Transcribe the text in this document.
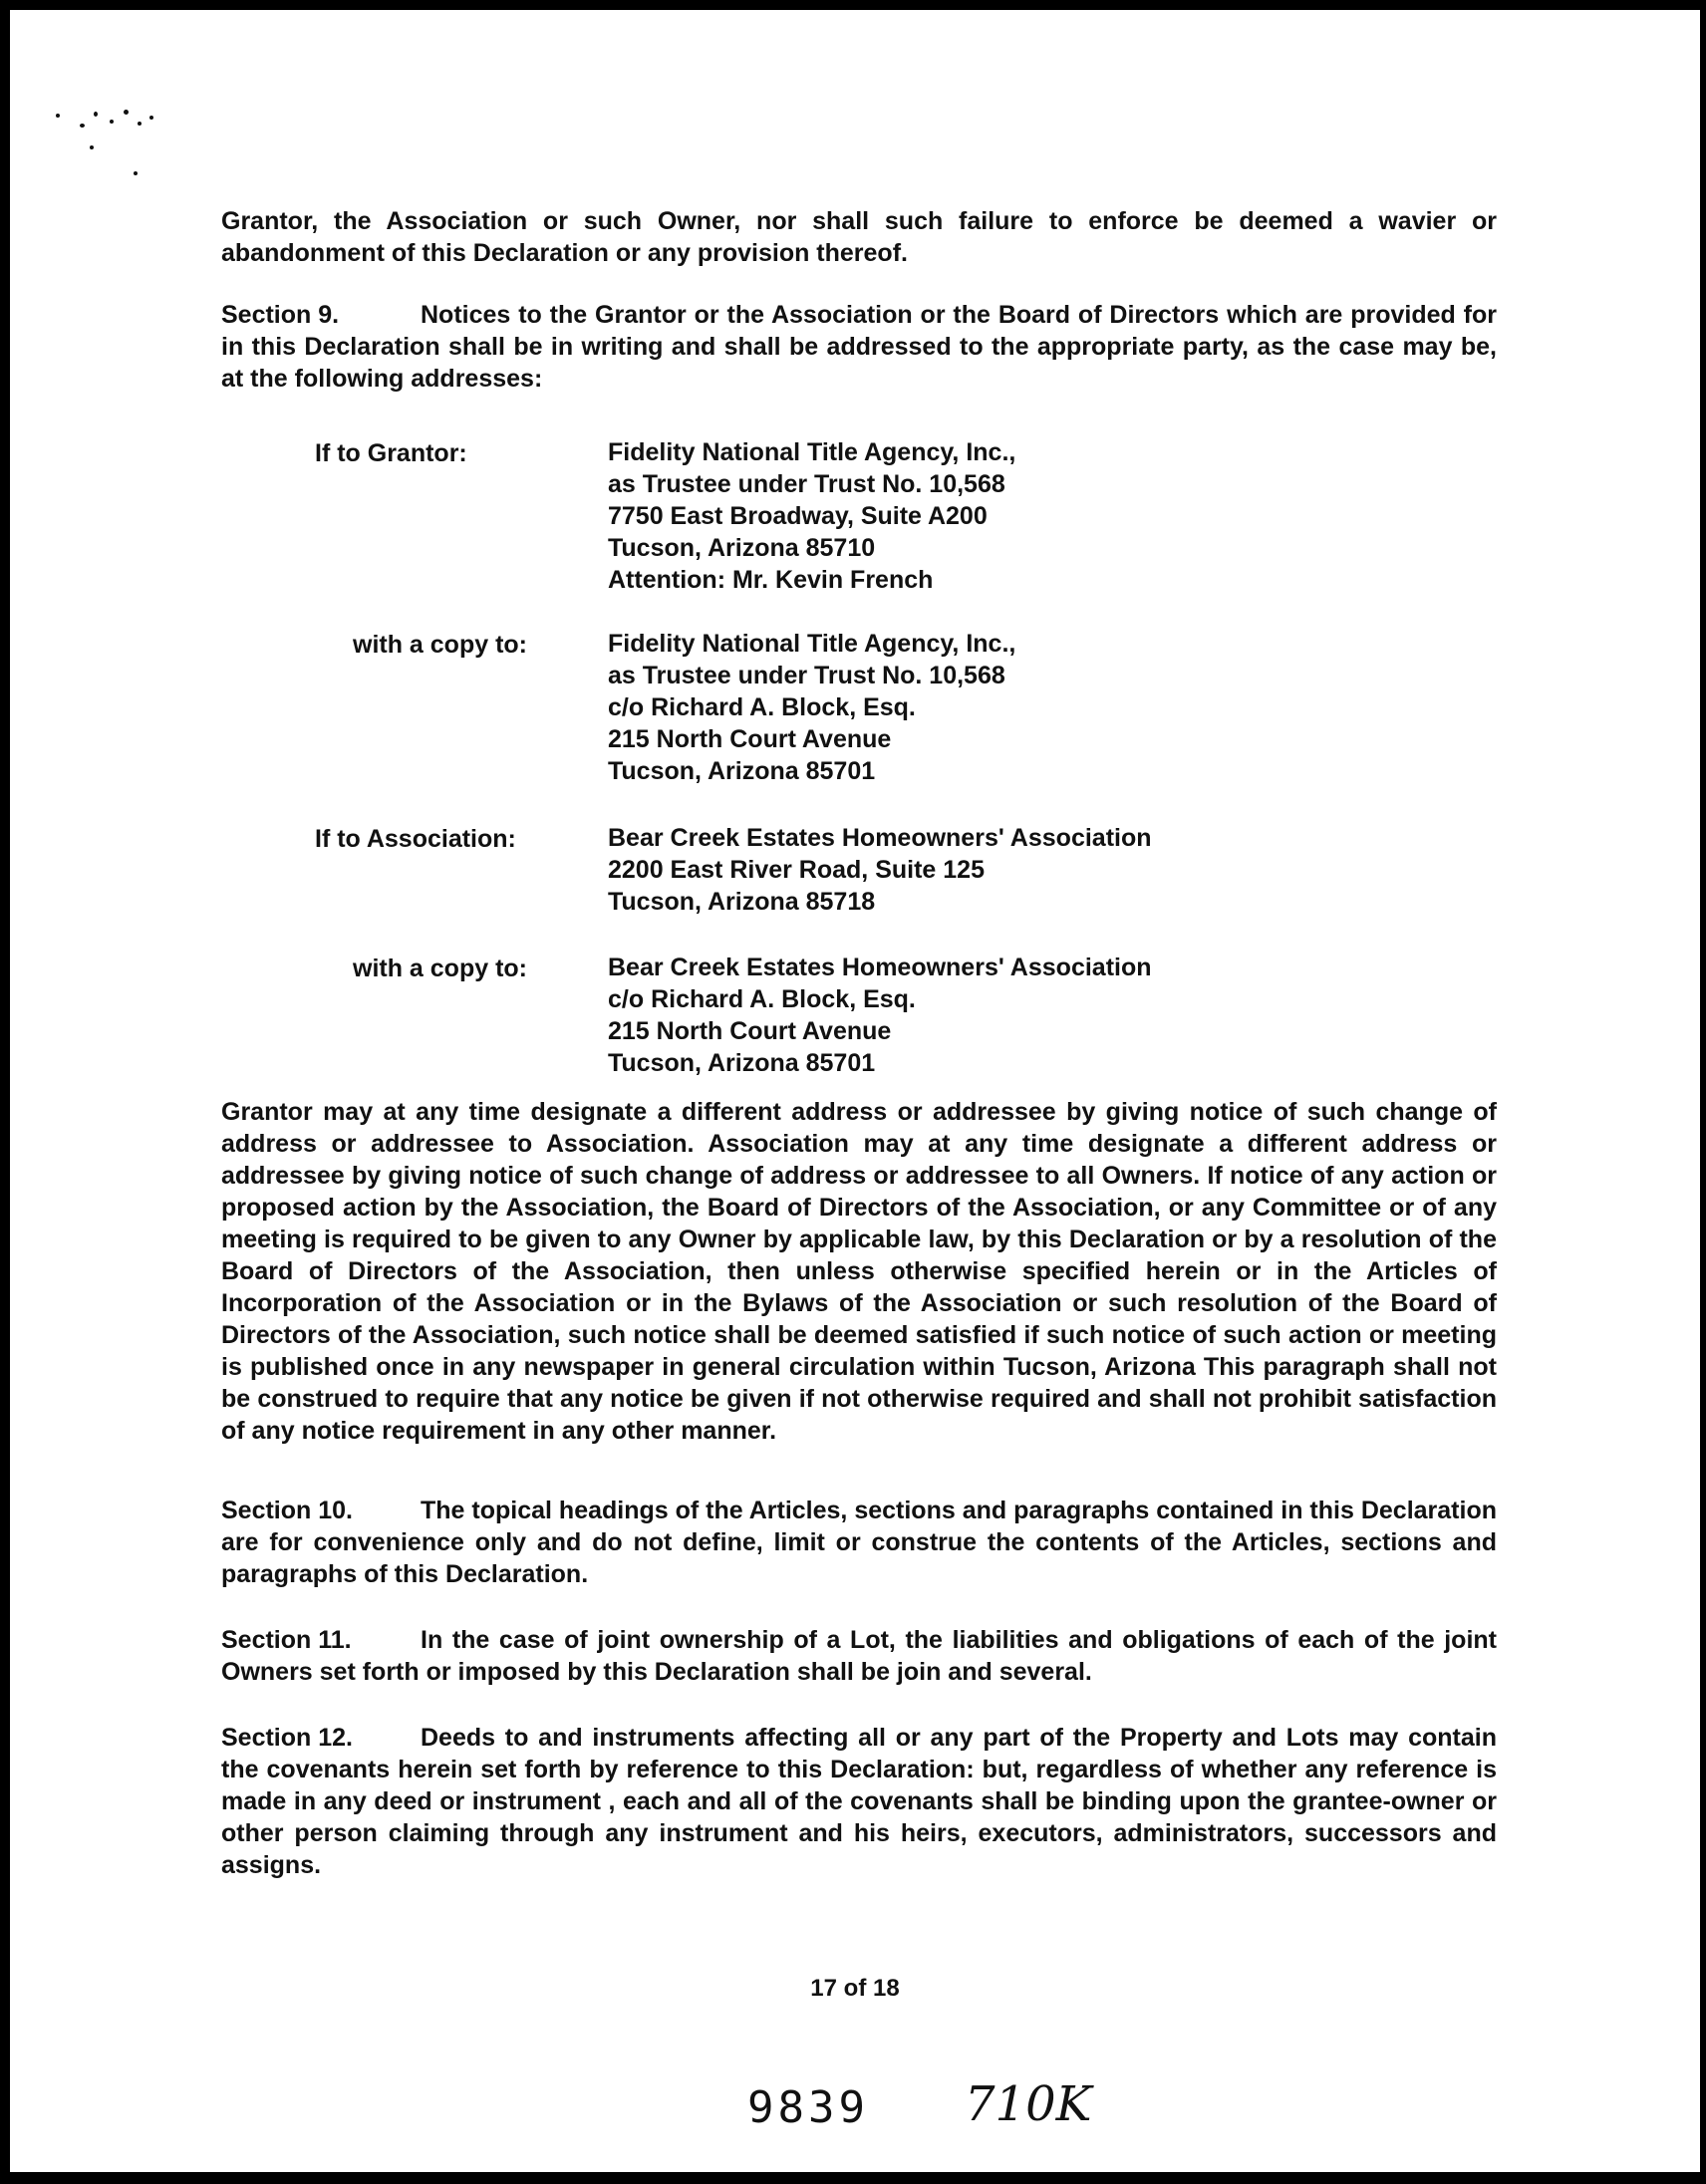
Grantor, the Association or such Owner, nor shall such failure to enforce be deemed a wavier or abandonment of this Declaration or any provision thereof.

Section 9.	Notices to the Grantor or the Association or the Board of Directors which are provided for in this Declaration shall be in writing and shall be addressed to the appropriate party, as the case may be, at the following addresses:

If to Grantor:	Fidelity National Title Agency, Inc.,
as Trustee under Trust No. 10,568
7750 East Broadway, Suite A200
Tucson, Arizona 85710
Attention: Mr. Kevin French
with a copy to:	Fidelity National Title Agency, Inc.,
as Trustee under Trust No. 10,568
c/o Richard A. Block, Esq.
215 North Court Avenue
Tucson, Arizona 85701
If to Association:	Bear Creek Estates Homeowners' Association
2200 East River Road, Suite 125
Tucson, Arizona 85718
with a copy to:	Bear Creek Estates Homeowners' Association
c/o Richard A. Block, Esq.
215 North Court Avenue
Tucson, Arizona 85701

Grantor may at any time designate a different address or addressee by giving notice of such change of address or addressee to Association. Association may at any time designate a different address or addressee by giving notice of such change of address or addressee to all Owners. If notice of any action or proposed action by the Association, the Board of Directors of the Association, or any Committee or of any meeting is required to be given to any Owner by applicable law, by this Declaration or by a resolution of the Board of Directors of the Association, then unless otherwise specified herein or in the Articles of Incorporation of the Association or in the Bylaws of the Association or such resolution of the Board of Directors of the Association, such notice shall be deemed satisfied if such notice of such action or meeting is published once in any newspaper in general circulation within Tucson, Arizona This paragraph shall not be construed to require that any notice be given if not otherwise required and shall not prohibit satisfaction of any notice requirement in any other manner.

Section 10.	The topical headings of the Articles, sections and paragraphs contained in this Declaration are for convenience only and do not define, limit or construe the contents of the Articles, sections and paragraphs of this Declaration.

Section 11.	In the case of joint ownership of a Lot, the liabilities and obligations of each of the joint Owners set forth or imposed by this Declaration shall be join and several.

Section 12.	Deeds to and instruments affecting all or any part of the Property and Lots may contain the covenants herein set forth by reference to this Declaration: but, regardless of whether any reference is made in any deed or instrument , each and all of the covenants shall be binding upon the grantee-owner or other person claiming through any instrument and his heirs, executors, administrators, successors and assigns.

17 of 18
9839 710K
